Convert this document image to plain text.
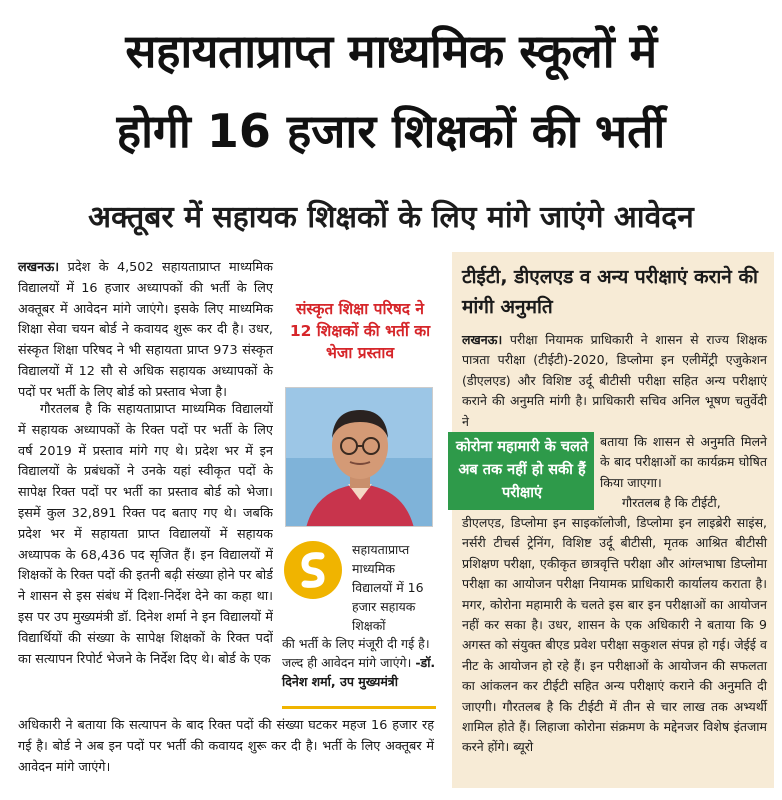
सहायताप्राप्त माध्यमिक स्कूलों में
होगी 16 हजार शिक्षकों की भर्ती
अक्तूबर में सहायक शिक्षकों के लिए मांगे जाएंगे आवेदन

लखनऊ। प्रदेश के 4,502 सहायताप्राप्त माध्यमिक विद्यालयों में 16 हजार अध्यापकों की भर्ती के लिए अक्तूबर में आवेदन मांगे जाएंगे। इसके लिए माध्यमिक शिक्षा सेवा चयन बोर्ड ने कवायद शुरू कर दी है। उधर, संस्कृत शिक्षा परिषद ने भी सहायता प्राप्त 973 संस्कृत विद्यालयों में 12 सौ से अधिक सहायक अध्यापकों के पदों पर भर्ती के लिए बोर्ड को प्रस्ताव भेजा है।

गौरतलब है कि सहायताप्राप्त माध्यमिक विद्यालयों में सहायक अध्यापकों के रिक्त पदों पर भर्ती के लिए वर्ष 2019 में प्रस्ताव मांगे गए थे। प्रदेश भर में इन विद्यालयों के प्रबंधकों ने उनके यहां स्वीकृत पदों के सापेक्ष रिक्त पदों पर भर्ती का प्रस्ताव बोर्ड को भेजा। इसमें कुल 32,891 रिक्त पद बताए गए थे। जबकि प्रदेश भर में सहायता प्राप्त विद्यालयों में सहायक अध्यापक के 68,436 पद सृजित हैं। इन विद्यालयों में शिक्षकों के रिक्त पदों की इतनी बढ़ी संख्या होने पर बोर्ड ने शासन से इस संबंध में दिशा-निर्देश देने का कहा था। इस पर उप मुख्यमंत्री डॉ. दिनेश शर्मा ने इन विद्यालयों में विद्यार्थियों की संख्या के सापेक्ष शिक्षकों के रिक्त पदों का सत्यापन रिपोर्ट भेजने के निर्देश दिए थे। बोर्ड के एक

अधिकारी ने बताया कि सत्यापन के बाद रिक्त पदों की संख्या घटकर महज 16 हजार रह गई है। बोर्ड ने अब इन पदों पर भर्ती की कवायद शुरू कर दी है। भर्ती के लिए अक्तूबर में आवेदन मांगे जाएंगे।

संस्कृत शिक्षा परिषद ने 12 शिक्षकों की भर्ती का भेजा प्रस्ताव
सहायताप्राप्त माध्यमिक विद्यालयों में 16 हजार सहायक शिक्षकों
की भर्ती के लिए मंजूरी दी गई है। जल्द ही आवेदन मांगे जाएंगे। -डॉ. दिनेश शर्मा, उप मुख्यमंत्री
टीईटी, डीएलएड व अन्य परीक्षाएं कराने की मांगी अनुमति

लखनऊ। परीक्षा नियामक प्राधिकारी ने शासन से राज्य शिक्षक पात्रता परीक्षा (टीईटी)-2020, डिप्लोमा इन एलीमेंट्री एजुकेशन (डीएलएड) और विशिष्ट उर्दू बीटीसी परीक्षा सहित अन्य परीक्षाएं कराने की अनुमति मांगी है। प्राधिकारी सचिव अनिल भूषण चतुर्वेदी ने

बताया कि शासन से अनुमति मिलने के बाद परीक्षाओं का कार्यक्रम घोषित किया जाएगा।

गौरतलब है कि टीईटी,

कोरोना महामारी के चलते अब तक नहीं हो सकी हैं परीक्षाएं

डीएलएड, डिप्लोमा इन साइकॉलोजी, डिप्लोमा इन लाइब्रेरी साइंस, नर्सरी टीचर्स ट्रेनिंग, विशिष्ट उर्दू बीटीसी, मृतक आश्रित बीटीसी प्रशिक्षण परीक्षा, एकीकृत छात्रवृत्ति परीक्षा और आंग्लभाषा डिप्लोमा परीक्षा का आयोजन परीक्षा नियामक प्राधिकारी कार्यालय कराता है। मगर, कोरोना महामारी के चलते इस बार इन परीक्षाओं का आयोजन नहीं कर सका है। उधर, शासन के एक अधिकारी ने बताया कि 9 अगस्त को संयुक्त बीएड प्रवेश परीक्षा सकुशल संपन्न हो गई। जेईई व नीट के आयोजन हो रहे हैं। इन परीक्षाओं के आयोजन की सफलता का आंकलन कर टीईटी सहित अन्य परीक्षाएं कराने की अनुमति दी जाएगी। गौरतलब है कि टीईटी में तीन से चार लाख तक अभ्यर्थी शामिल होते हैं। लिहाजा कोरोना संक्रमण के मद्देनजर विशेष इंतजाम करने होंगे। ब्यूरो
